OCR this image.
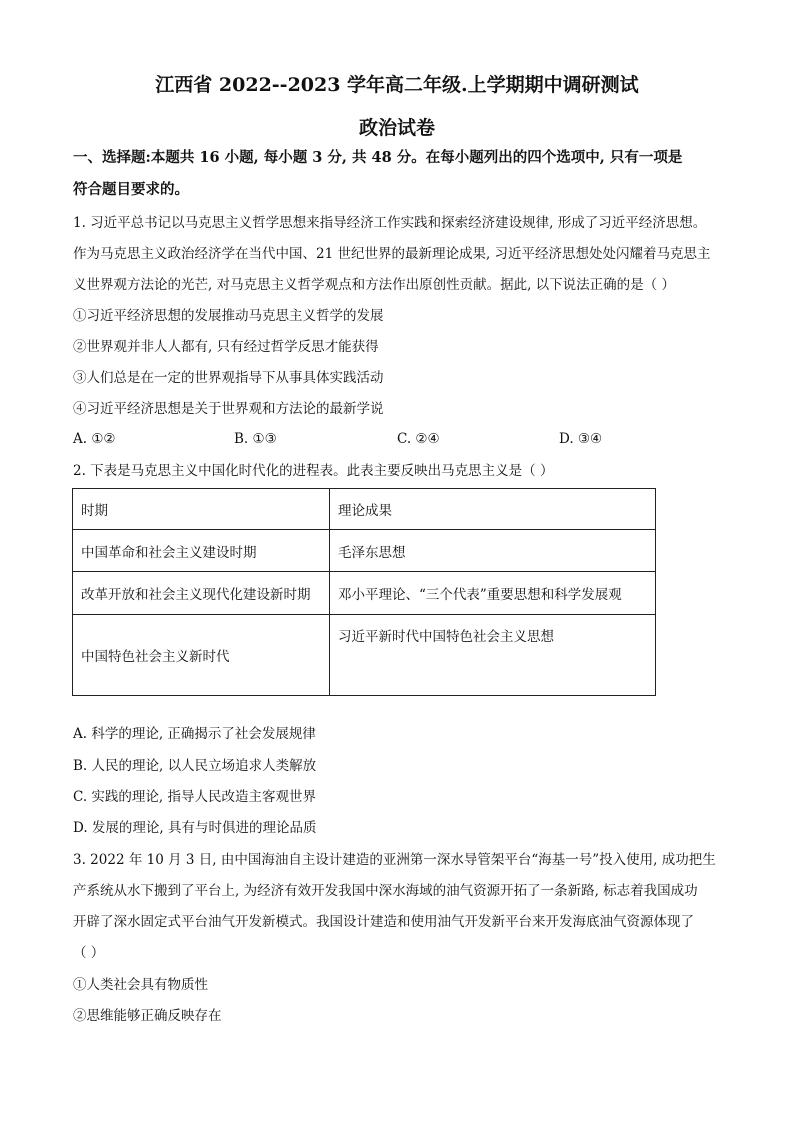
江西省 2022--2023 学年高二年级.上学期期中调研测试
政治试卷
一、选择题:本题共 16 小题, 每小题 3 分, 共 48 分。在每小题列出的四个选项中, 只有一项是
符合题目要求的。
1. 习近平总书记以马克思主义哲学思想来指导经济工作实践和探索经济建设规律, 形成了习近平经济思想。
作为马克思主义政治经济学在当代中国、21 世纪世界的最新理论成果, 习近平经济思想处处闪耀着马克思主
义世界观方法论的光芒, 对马克思主义哲学观点和方法作出原创性贡献。据此, 以下说法正确的是（ ）
①习近平经济思想的发展推动马克思主义哲学的发展
②世界观并非人人都有, 只有经过哲学反思才能获得
③人们总是在一定的世界观指导下从事具体实践活动
④习近平经济思想是关于世界观和方法论的最新学说
A. ①②	B. ①③	C. ②④	D. ③④
2. 下表是马克思主义中国化时代化的进程表。此表主要反映出马克思主义是（ ）
时期	理论成果
中国革命和社会主义建设时期	毛泽东思想
改革开放和社会主义现代化建设新时期	邓小平理论、“三个代表”重要思想和科学发展观
中国特色社会主义新时代	习近平新时代中国特色社会主义思想
A. 科学的理论, 正确揭示了社会发展规律
B. 人民的理论, 以人民立场追求人类解放
C. 实践的理论, 指导人民改造主客观世界
D. 发展的理论, 具有与时俱进的理论品质
3. 2022 年 10 月 3 日, 由中国海油自主设计建造的亚洲第一深水导管架平台“海基一号”投入使用, 成功把生
产系统从水下搬到了平台上, 为经济有效开发我国中深水海域的油气资源开拓了一条新路, 标志着我国成功
开辟了深水固定式平台油气开发新模式。我国设计建造和使用油气开发新平台来开发海底油气资源体现了
（ ）
①人类社会具有物质性
②思维能够正确反映存在
